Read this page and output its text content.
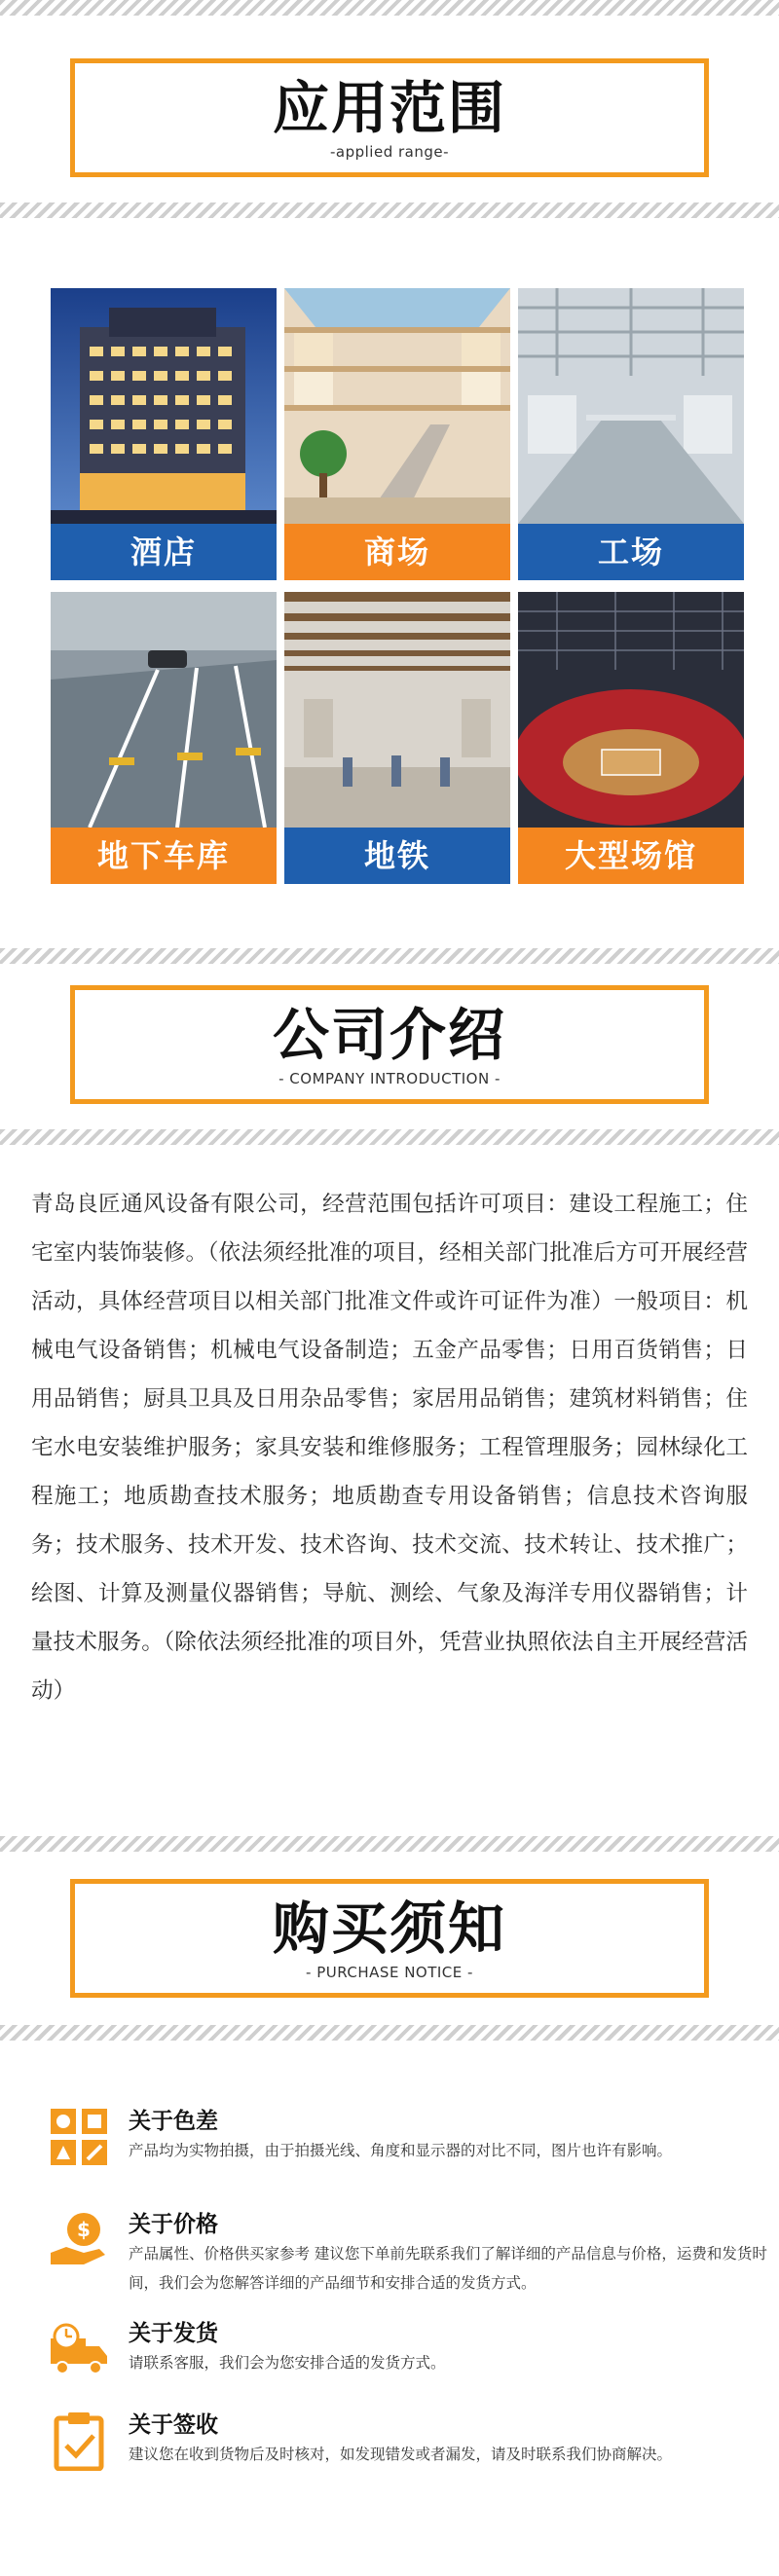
应用范围
-applied range-
酒店	商场	工场
地下车库	地铁	大型场馆
公司介绍
- COMPANY INTRODUCTION -
青岛良匠通风设备有限公司，经营范围包括许可项目：建设工程施工；住宅室内装饰装修。（依法须经批准的项目，经相关部门批准后方可开展经营活动，具体经营项目以相关部门批准文件或许可证件为准）一般项目：机械电气设备销售；机械电气设备制造；五金产品零售；日用百货销售；日用品销售；厨具卫具及日用杂品零售；家居用品销售；建筑材料销售；住宅水电安装维护服务；家具安装和维修服务；工程管理服务；园林绿化工程施工；地质勘查技术服务；地质勘查专用设备销售；信息技术咨询服务；技术服务、技术开发、技术咨询、技术交流、技术转让、技术推广；绘图、计算及测量仪器销售；导航、测绘、气象及海洋专用仪器销售；计量技术服务。（除依法须经批准的项目外，凭营业执照依法自主开展经营活动）
购买须知
- PURCHASE NOTICE -
关于色差
产品均为实物拍摄，由于拍摄光线、角度和显示器的对比不同，图片也许有影响。
$ 关于价格
产品属性、价格供买家参考 建议您下单前先联系我们了解详细的产品信息与价格，运费和发货时间，我们会为您解答详细的产品细节和安排合适的发货方式。
关于发货
请联系客服，我们会为您安排合适的发货方式。
关于签收
建议您在收到货物后及时核对，如发现错发或者漏发，请及时联系我们协商解决。
